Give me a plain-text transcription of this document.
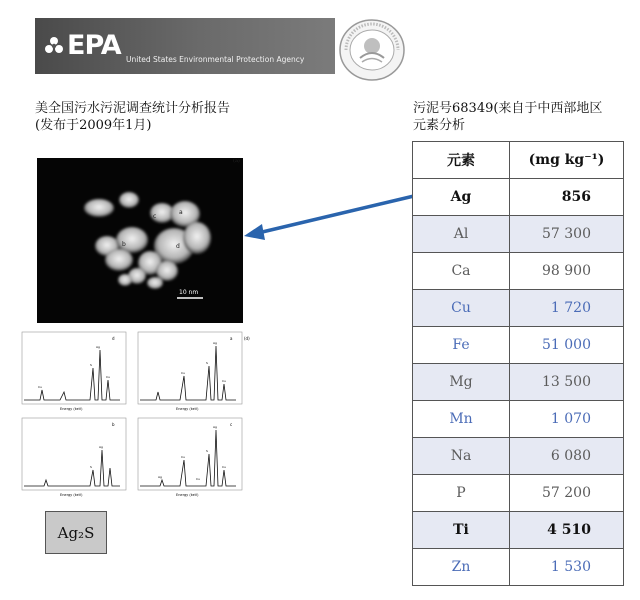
EPA United States Environmental Protection Agency
美全国污水污泥调查统计分析报告
(发布于2009年1月)
污泥号68349(来自于中西部地区
元素分析
c
a
d
b
10 nm
(a)
d
Ag
S
Cu
Cu
Energy (keV)
a	(d)
S
Ag
Cu
Cu
Energy (keV)
b
S
Ag
Energy (keV)
c
Ag
Cu
S
Ag
Cu
Cu
Energy (keV)
Ag₂S
元素	(mg kg⁻¹)
Ag	856
Al	57 300
Ca	98 900
Cu	1 720
Fe	51 000
Mg	13 500
Mn	1 070
Na	6 080
P	57 200
Ti	4 510
Zn	1 530
